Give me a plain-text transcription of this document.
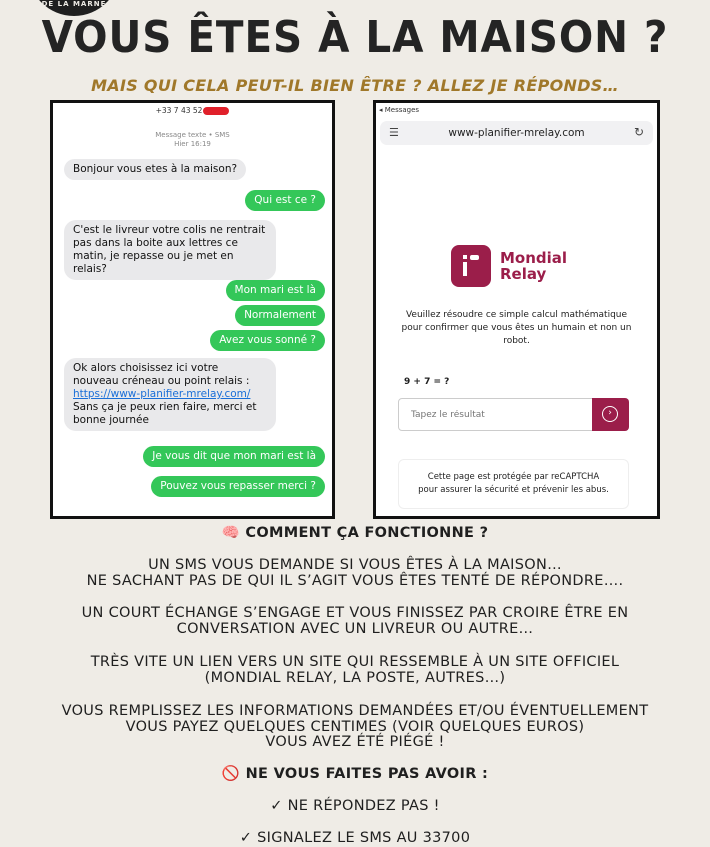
DE LA MARNE
VOUS ÊTES À LA MAISON ?
MAIS QUI CELA PEUT-IL BIEN ÊTRE ? ALLEZ JE RÉPONDS…
+33 7 43 52
Message texte • SMS
Hier 16:19
Bonjour vous etes à la maison?
Qui est ce ?
C'est le livreur votre colis ne rentrait pas dans la boite aux lettres ce matin, je repasse ou je met en relais?
Mon mari est là
Normalement
Avez vous sonné ?
Ok alors choisissez ici votre nouveau créneau ou point relais : https://www-planifier-mrelay.com/ Sans ça je peux rien faire, merci et bonne journée
Je vous dit que mon mari est là
Pouvez vous repasser merci ?
◂ Messages
☰	www-planifier-mrelay.com	↻
Mondial
Relay
Veuillez résoudre ce simple calcul mathématique pour confirmer que vous êtes un humain et non un robot.
9 + 7 = ?
Tapez le résultat
›
Cette page est protégée par reCAPTCHA
pour assurer la sécurité et prévenir les abus.
🧠 COMMENT ÇA FONCTIONNE ?
UN SMS VOUS DEMANDE SI VOUS ÊTES À LA MAISON…
NE SACHANT PAS DE QUI IL S’AGIT VOUS ÊTES TENTÉ DE RÉPONDRE….
UN COURT ÉCHANGE S’ENGAGE ET VOUS FINISSEZ PAR CROIRE ÊTRE EN
CONVERSATION AVEC UN LIVREUR OU AUTRE…
TRÈS VITE UN LIEN VERS UN SITE QUI RESSEMBLE À UN SITE OFFICIEL
(MONDIAL RELAY, LA POSTE, AUTRES…)
VOUS REMPLISSEZ LES INFORMATIONS DEMANDÉES ET/OU ÉVENTUELLEMENT
VOUS PAYEZ QUELQUES CENTIMES (VOIR QUELQUES EUROS)
VOUS AVEZ ÉTÉ PIÉGÉ !
🚫 NE VOUS FAITES PAS AVOIR :
✓ NE RÉPONDEZ PAS !
✓ SIGNALEZ LE SMS AU 33700
